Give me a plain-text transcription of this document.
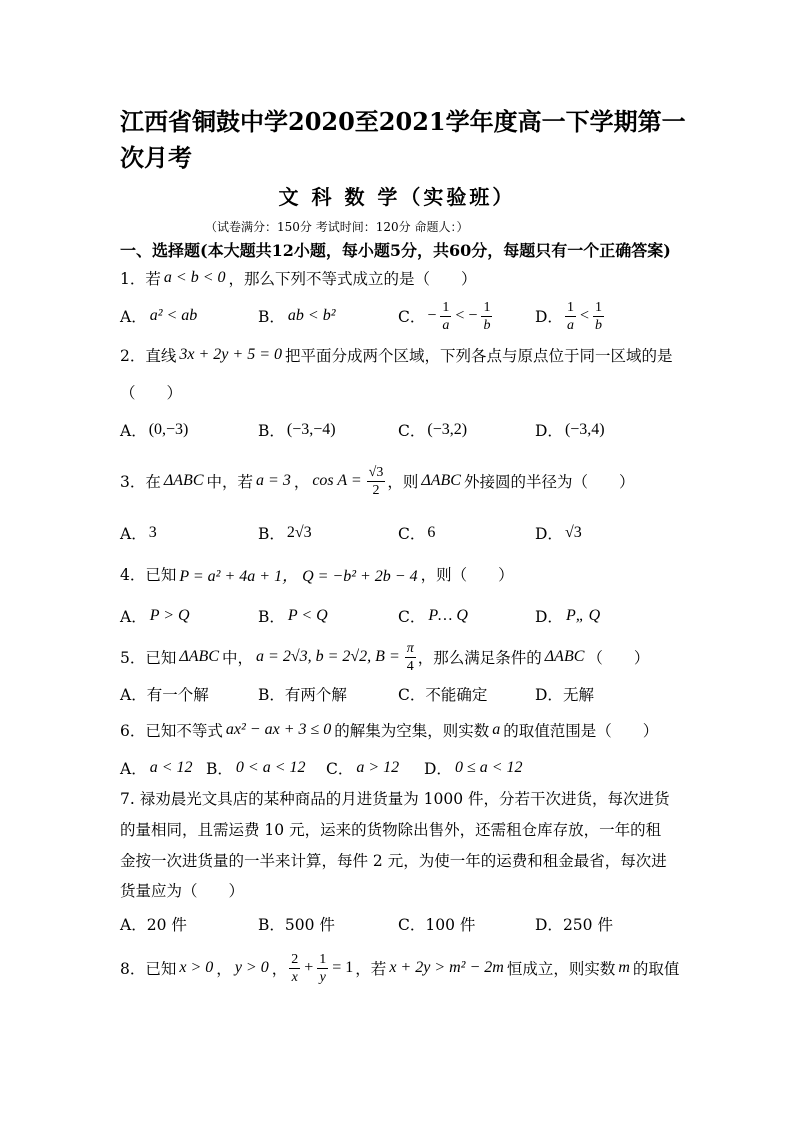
江西省铜鼓中学2020至2021学年度高一下学期第一
次月考
文 科 数 学（实验班）
（试卷满分：150分 考试时间：120分 命题人：）
一、选择题(本大题共12小题，每小题5分，共60分，每题只有一个正确答案)
1． 若 a < b < 0 ，那么下列不等式成立的是（　　）
A． a² < ab	B． ab < b²	C． − $\frac{1}{a}$ < − $\frac{1}{b}$	D． $\frac{1}{a} < \frac{1}{b}$
2． 直线 3x + 2y + 5 = 0 把平面分成两个区域，下列各点与原点位于同一区域的是
（　　）
A． (0,−3)	B． (−3,−4)	C． (−3,2)	D． (−3,4)
3． 在 ΔABC 中，若 a = 3 ， $\cos A = \frac{√3}{2}$ ，则 ΔABC 外接圆的半径为（　　）
A． 3	B． 2√3	C． 6	D． √3
4． 已知 P = a² + 4a + 1， Q = −b² + 2b − 4 ，则（　　）
A． P > Q	B． P < Q	C． P… Q	D． P„ Q
5． 已知 ΔABC 中， a = 2√3, b = 2√2, $B = \frac{\pi}{4}$ ，那么满足条件的 ΔABC （　　）
A． 有一个解	B． 有两个解	C． 不能确定	D． 无解
6． 已知不等式 ax² − ax + 3 ≤ 0 的解集为空集，则实数 a 的取值范围是（　　）
A． a < 12 B． 0 < a < 12 C． a > 12 D． 0 ≤ a < 12
7. 禄劝晨光文具店的某种商品的月进货量为 1000 件，分若干次进货，每次进货
的量相同，且需运费 10 元，运来的货物除出售外，还需租仓库存放，一年的租
金按一次进货量的一半来计算，每件 2 元，为使一年的运费和租金最省，每次进
货量应为（　　）
A． 20 件	B． 500 件	C． 100 件	D． 250 件
8． 已知 x > 0 ， y > 0 ， $\frac{2}{x} + \frac{1}{y} = 1$ ，若 x + 2y > m² − 2m 恒成立，则实数 m 的取值
